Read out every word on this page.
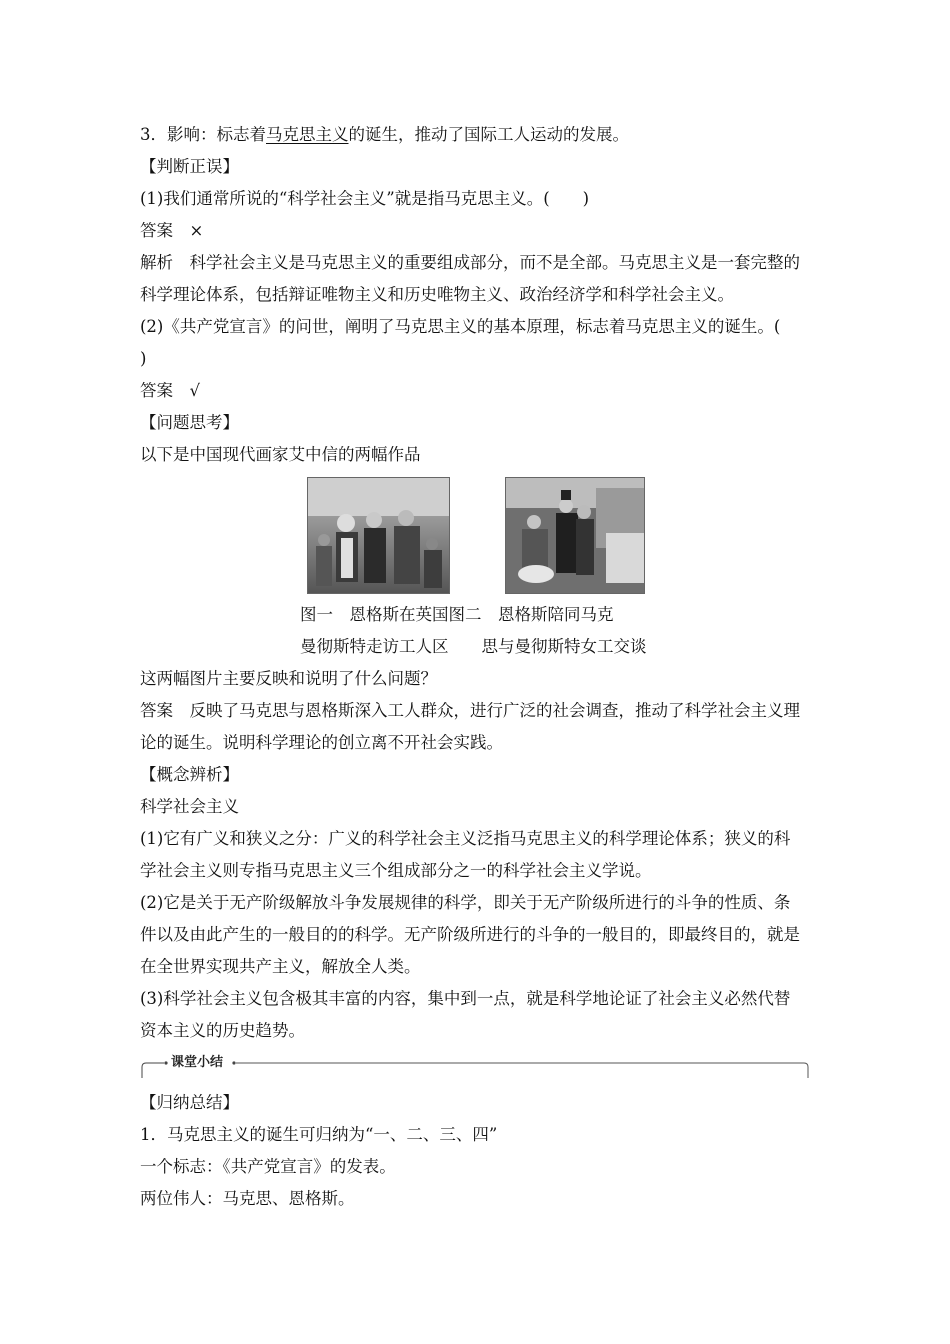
3．影响：标志着马克思主义的诞生，推动了国际工人运动的发展。
【判断正误】
(1)我们通常所说的“科学社会主义”就是指马克思主义。(　　)
答案　×
解析　科学社会主义是马克思主义的重要组成部分，而不是全部。马克思主义是一套完整的
科学理论体系，包括辩证唯物主义和历史唯物主义、政治经济学和科学社会主义。
(2)《共产党宣言》的问世，阐明了马克思主义的基本原理，标志着马克思主义的诞生。(
)
答案　√
【问题思考】
以下是中国现代画家艾中信的两幅作品
图一　恩格斯在英国图二　恩格斯陪同马克
曼彻斯特走访工人区　　思与曼彻斯特女工交谈
这两幅图片主要反映和说明了什么问题？
答案　反映了马克思与恩格斯深入工人群众，进行广泛的社会调查，推动了科学社会主义理
论的诞生。说明科学理论的创立离不开社会实践。
【概念辨析】
科学社会主义
(1)它有广义和狭义之分：广义的科学社会主义泛指马克思主义的科学理论体系；狭义的科
学社会主义则专指马克思主义三个组成部分之一的科学社会主义学说。
(2)它是关于无产阶级解放斗争发展规律的科学，即关于无产阶级所进行的斗争的性质、条
件以及由此产生的一般目的的科学。无产阶级所进行的斗争的一般目的，即最终目的，就是
在全世界实现共产主义，解放全人类。
(3)科学社会主义包含极其丰富的内容，集中到一点，就是科学地论证了社会主义必然代替
资本主义的历史趋势。
课堂小结
【归纳总结】
1．马克思主义的诞生可归纳为“一、二、三、四”
一个标志：《共产党宣言》的发表。
两位伟人：马克思、恩格斯。
